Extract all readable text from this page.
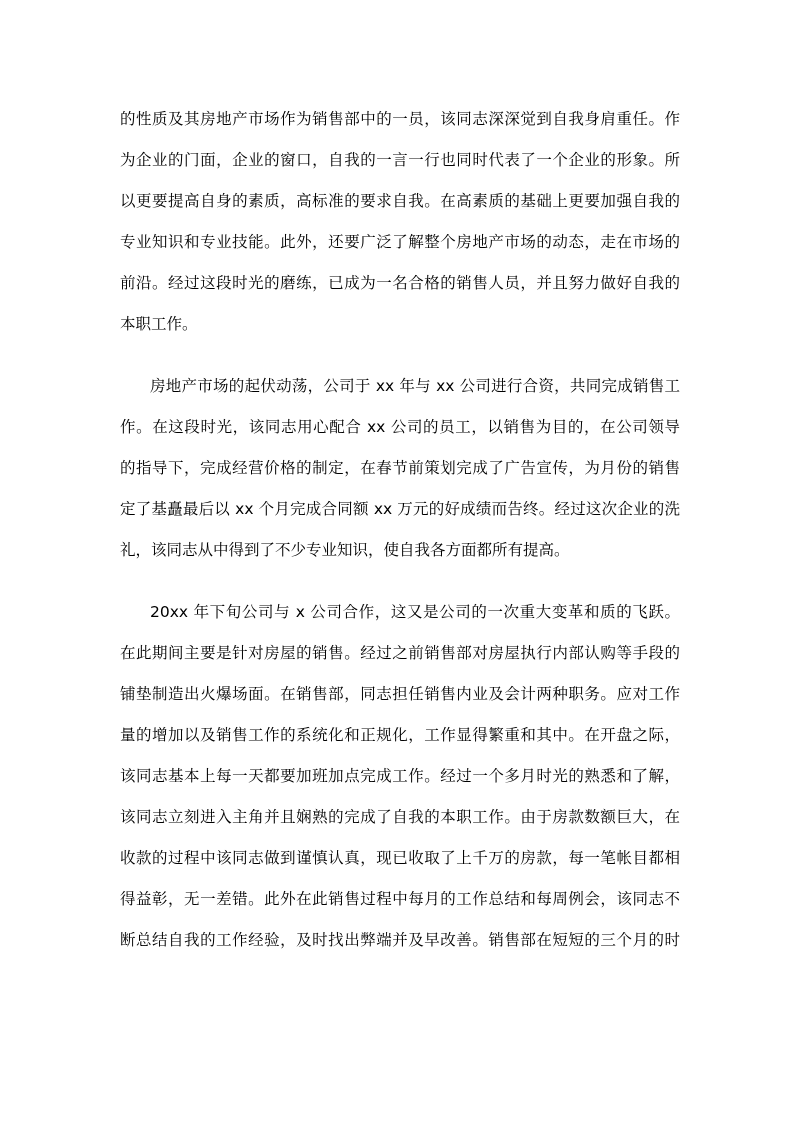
的性质及其房地产市场作为销售部中的一员，该同志深深觉到自我身肩重任。作
为企业的门面，企业的窗口，自我的一言一行也同时代表了一个企业的形象。所
以更要提高自身的素质，高标准的要求自我。在高素质的基础上更要加强自我的
专业知识和专业技能。此外，还要广泛了解整个房地产市场的动态，走在市场的
前沿。经过这段时光的磨练，已成为一名合格的销售人员，并且努力做好自我的
本职工作。
房地产市场的起伏动荡，公司于 xx 年与 xx 公司进行合资，共同完成销售工
作。在这段时光，该同志用心配合 xx 公司的员工，以销售为目的，在公司领导
的指导下，完成经营价格的制定，在春节前策划完成了广告宣传，为月份的销售
定了基矗最后以 xx 个月完成合同额 xx 万元的好成绩而告终。经过这次企业的洗
礼，该同志从中得到了不少专业知识，使自我各方面都所有提高。
20xx 年下旬公司与 x 公司合作，这又是公司的一次重大变革和质的飞跃。
在此期间主要是针对房屋的销售。经过之前销售部对房屋执行内部认购等手段的
铺垫制造出火爆场面。在销售部，同志担任销售内业及会计两种职务。应对工作
量的增加以及销售工作的系统化和正规化，工作显得繁重和其中。在开盘之际，
该同志基本上每一天都要加班加点完成工作。经过一个多月时光的熟悉和了解，
该同志立刻进入主角并且娴熟的完成了自我的本职工作。由于房款数额巨大，在
收款的过程中该同志做到谨慎认真，现已收取了上千万的房款，每一笔帐目都相
得益彰，无一差错。此外在此销售过程中每月的工作总结和每周例会，该同志不
断总结自我的工作经验，及时找出弊端并及早改善。销售部在短短的三个月的时
